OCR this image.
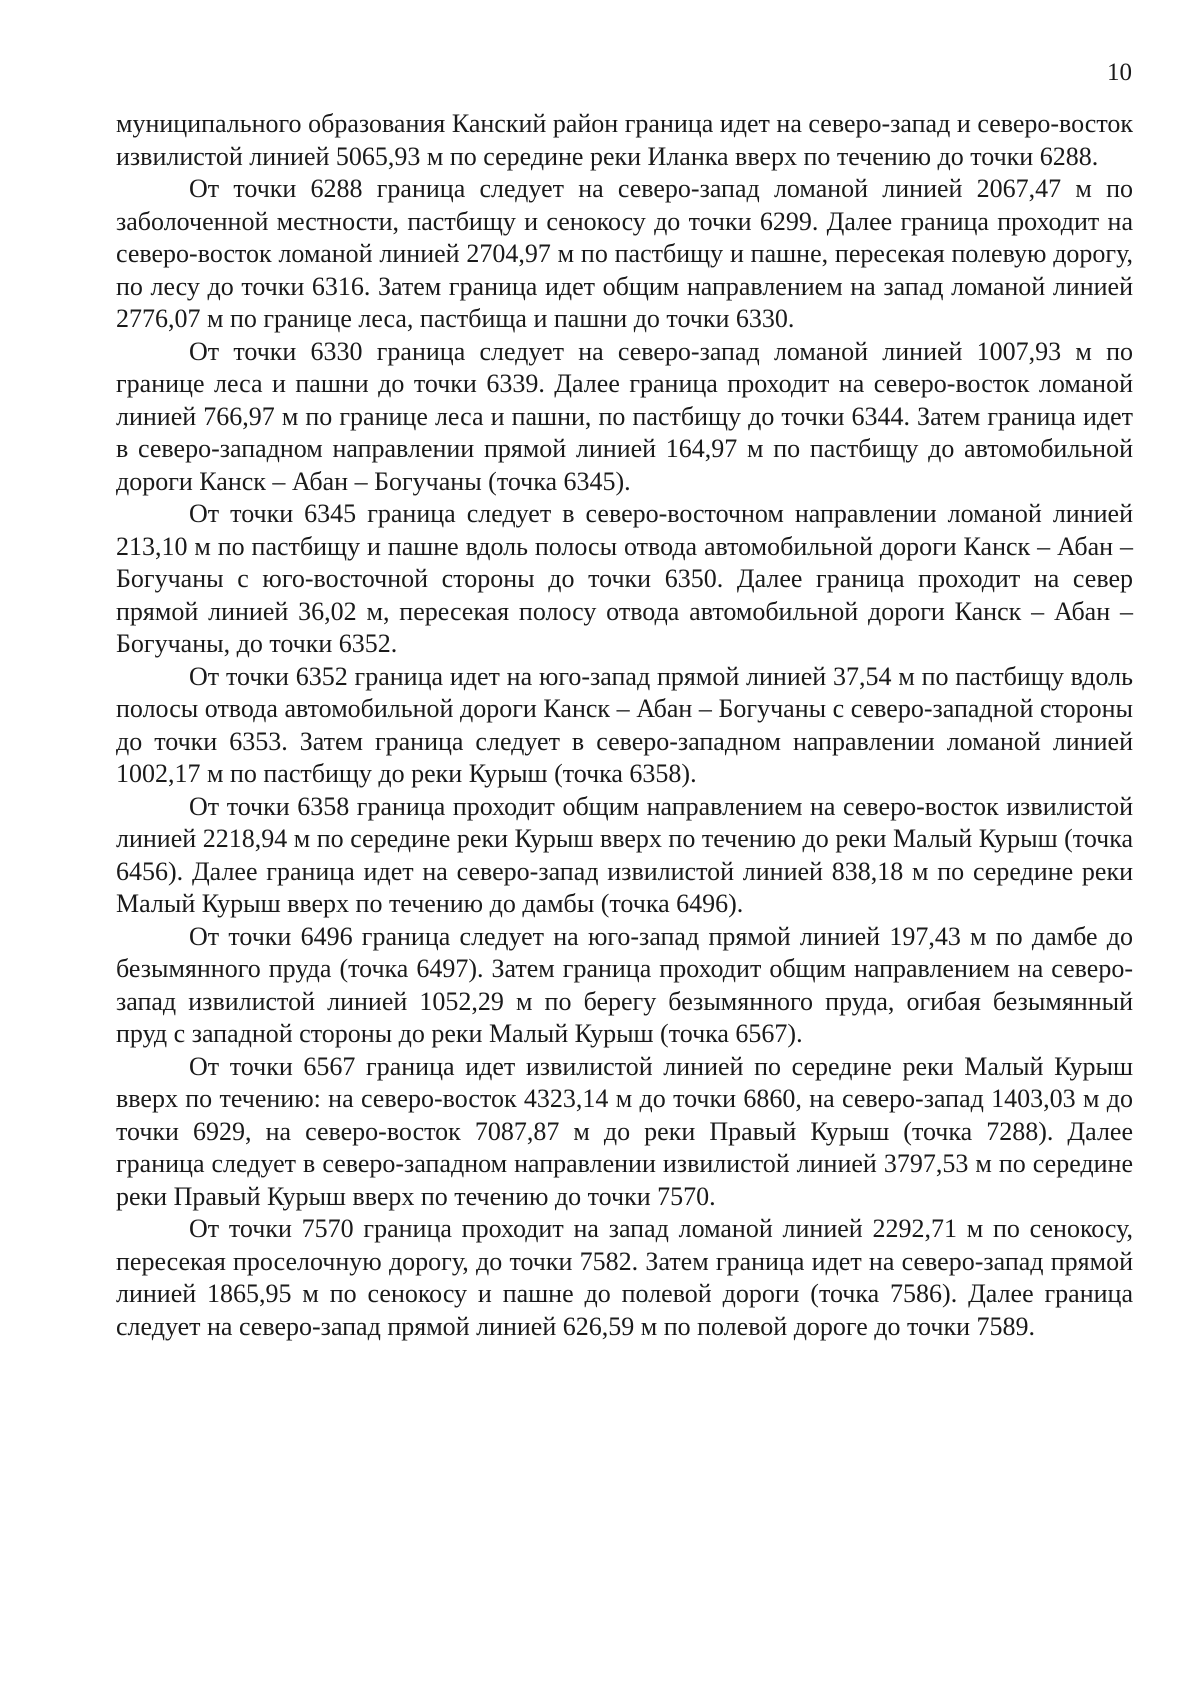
10

муниципального образования Канский район граница идет на северо-запад и северо-восток извилистой линией 5065,93 м по середине реки Иланка вверх по течению до точки 6288.

От точки 6288 граница следует на северо-запад ломаной линией 2067,47 м по заболоченной местности, пастбищу и сенокосу до точки 6299. Далее граница проходит на северо-восток ломаной линией 2704,97 м по пастбищу и пашне, пересекая полевую дорогу, по лесу до точки 6316. Затем граница идет общим направлением на запад ломаной линией 2776,07 м по границе леса, пастбища и пашни до точки 6330.

От точки 6330 граница следует на северо-запад ломаной линией 1007,93 м по границе леса и пашни до точки 6339. Далее граница проходит на северо-восток ломаной линией 766,97 м по границе леса и пашни, по пастбищу до точки 6344. Затем граница идет в северо-западном направлении прямой линией 164,97 м по пастбищу до автомобильной дороги Канск – Абан – Богучаны (точка 6345).

От точки 6345 граница следует в северо-восточном направлении ломаной линией 213,10 м по пастбищу и пашне вдоль полосы отвода автомобильной дороги Канск – Абан – Богучаны с юго-восточной стороны до точки 6350. Далее граница проходит на север прямой линией 36,02 м, пересекая полосу отвода автомобильной дороги Канск – Абан – Богучаны, до точки 6352.

От точки 6352 граница идет на юго-запад прямой линией 37,54 м по пастбищу вдоль полосы отвода автомобильной дороги Канск – Абан – Богучаны с северо-западной стороны до точки 6353. Затем граница следует в северо-западном направлении ломаной линией 1002,17 м по пастбищу до реки Курыш (точка 6358).

От точки 6358 граница проходит общим направлением на северо-восток извилистой линией 2218,94 м по середине реки Курыш вверх по течению до реки Малый Курыш (точка 6456). Далее граница идет на северо-запад извилистой линией 838,18 м по середине реки Малый Курыш вверх по течению до дамбы (точка 6496).

От точки 6496 граница следует на юго-запад прямой линией 197,43 м по дамбе до безымянного пруда (точка 6497). Затем граница проходит общим направлением на северо-запад извилистой линией 1052,29 м по берегу безымянного пруда, огибая безымянный пруд с западной стороны до реки Малый Курыш (точка 6567).

От точки 6567 граница идет извилистой линией по середине реки Малый Курыш вверх по течению: на северо-восток 4323,14 м до точки 6860, на северо-запад 1403,03 м до точки 6929, на северо-восток 7087,87 м до реки Правый Курыш (точка 7288). Далее граница следует в северо-западном направлении извилистой линией 3797,53 м по середине реки Правый Курыш вверх по течению до точки 7570.

От точки 7570 граница проходит на запад ломаной линией 2292,71 м по сенокосу, пересекая проселочную дорогу, до точки 7582. Затем граница идет на северо-запад прямой линией 1865,95 м по сенокосу и пашне до полевой дороги (точка 7586). Далее граница следует на северо-запад прямой линией 626,59 м по полевой дороге до точки 7589.
